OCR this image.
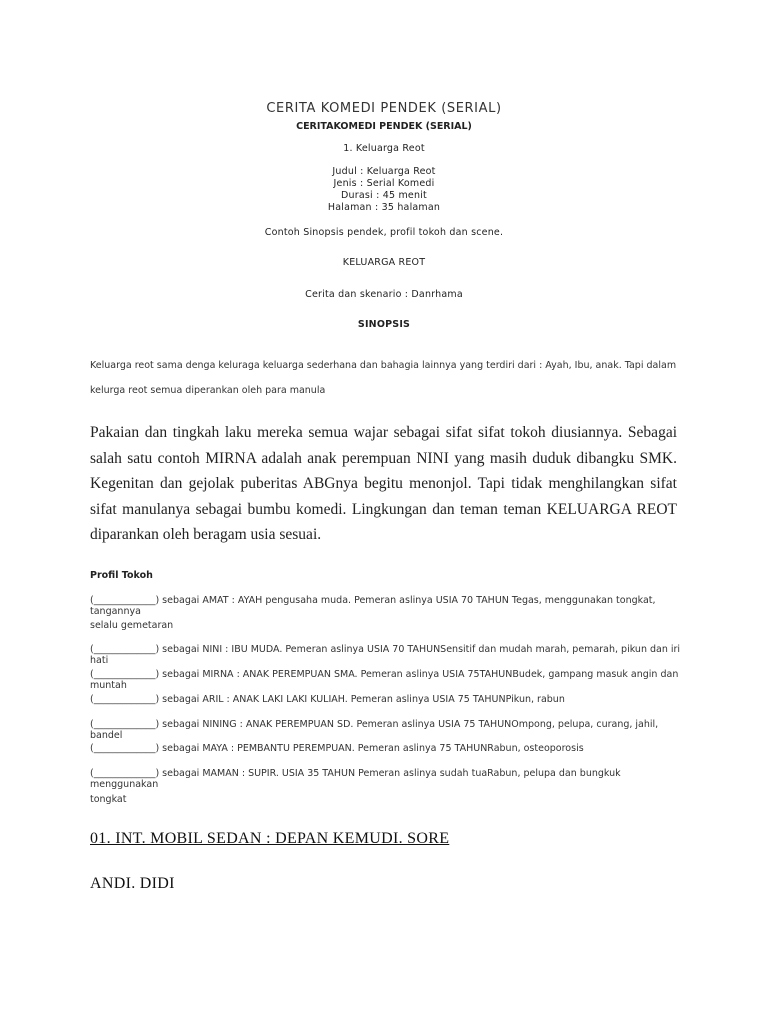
CERITA KOMEDI PENDEK (SERIAL)
CERITAKOMEDI PENDEK (SERIAL)
1. Keluarga Reot
Judul : Keluarga Reot
Jenis : Serial Komedi
Durasi : 45 menit
Halaman : 35 halaman
Contoh Sinopsis pendek, profil tokoh dan scene.
KELUARGA REOT
Cerita dan skenario : Danrhama
SINOPSIS
Keluarga reot sama denga keluraga keluarga sederhana dan bahagia lainnya yang terdiri dari : Ayah, Ibu, anak. Tapi dalam
kelurga reot semua diperankan oleh para manula
Pakaian dan tingkah laku mereka semua wajar sebagai sifat sifat tokoh diusiannya. Sebagai salah satu contoh MIRNA adalah anak perempuan NINI yang masih duduk dibangku SMK. Kegenitan dan gejolak puberitas ABGnya begitu menonjol. Tapi tidak menghilangkan sifat sifat manulanya sebagai bumbu komedi. Lingkungan dan teman teman KELUARGA REOT diparankan oleh beragam usia sesuai.
Profil Tokoh
(_____________) sebagai AMAT : AYAH pengusaha muda. Pemeran aslinya USIA 70 TAHUN Tegas, menggunakan tongkat, tangannya
selalu gemetaran
(_____________) sebagai NINI : IBU MUDA. Pemeran aslinya USIA 70 TAHUNSensitif dan mudah marah, pemarah, pikun dan iri hati
(_____________) sebagai MIRNA : ANAK PEREMPUAN SMA. Pemeran aslinya USIA 75TAHUNBudek, gampang masuk angin dan muntah
(_____________) sebagai ARIL : ANAK LAKI LAKI KULIAH. Pemeran aslinya USIA 75 TAHUNPikun, rabun
(_____________) sebagai NINING : ANAK PEREMPUAN SD. Pemeran aslinya USIA 75 TAHUNOmpong, pelupa, curang, jahil, bandel
(_____________) sebagai MAYA : PEMBANTU PEREMPUAN. Pemeran aslinya 75 TAHUNRabun, osteoporosis
(_____________) sebagai MAMAN : SUPIR. USIA 35 TAHUN Pemeran aslinya sudah tuaRabun, pelupa dan bungkuk menggunakan
tongkat
01. INT. MOBIL SEDAN : DEPAN KEMUDI. SORE
ANDI. DIDI
